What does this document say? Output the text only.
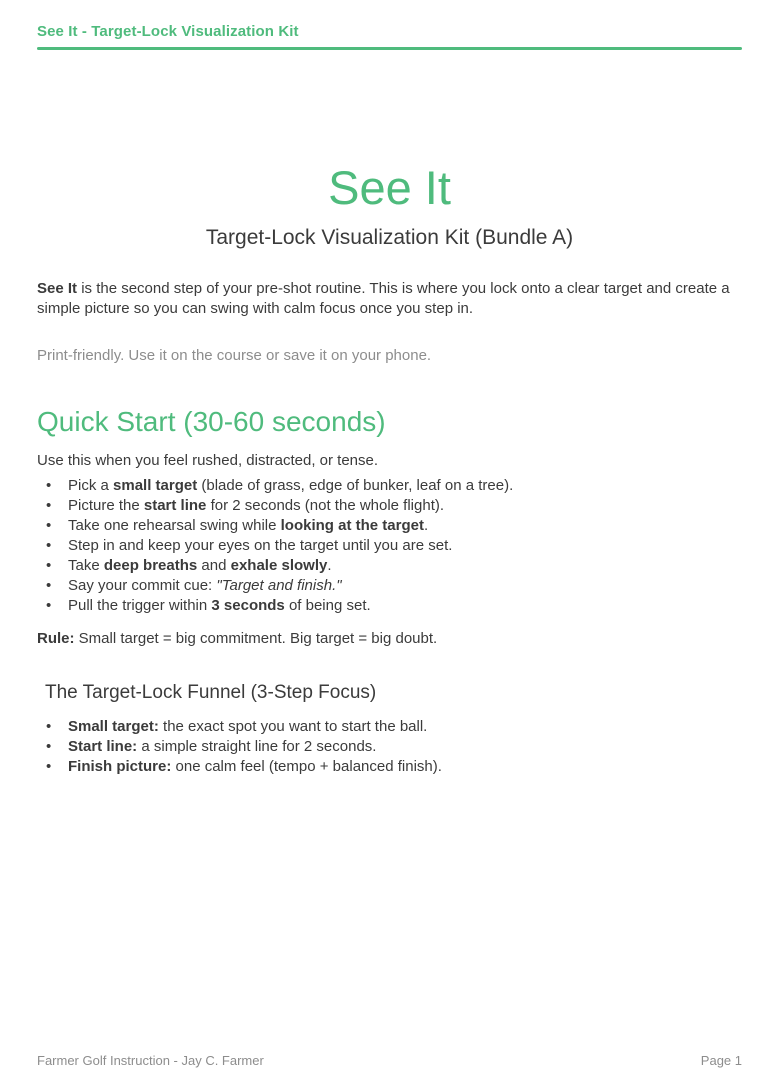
See It - Target-Lock Visualization Kit
See It
Target-Lock Visualization Kit (Bundle A)

See It is the second step of your pre-shot routine. This is where you lock onto a clear target and create a simple picture so you can swing with calm focus once you step in.

Print-friendly. Use it on the course or save it on your phone.

Quick Start (30-60 seconds)

Use this when you feel rushed, distracted, or tense.

• Pick a small target (blade of grass, edge of bunker, leaf on a tree).
• Picture the start line for 2 seconds (not the whole flight).
• Take one rehearsal swing while looking at the target.
• Step in and keep your eyes on the target until you are set.
• Take deep breaths and exhale slowly.
• Say your commit cue: "Target and finish."
• Pull the trigger within 3 seconds of being set.

Rule: Small target = big commitment. Big target = big doubt.

The Target-Lock Funnel (3-Step Focus)
• Small target: the exact spot you want to start the ball.
• Start line: a simple straight line for 2 seconds.
• Finish picture: one calm feel (tempo + balanced finish).
Farmer Golf Instruction - Jay C. Farmer	Page 1
